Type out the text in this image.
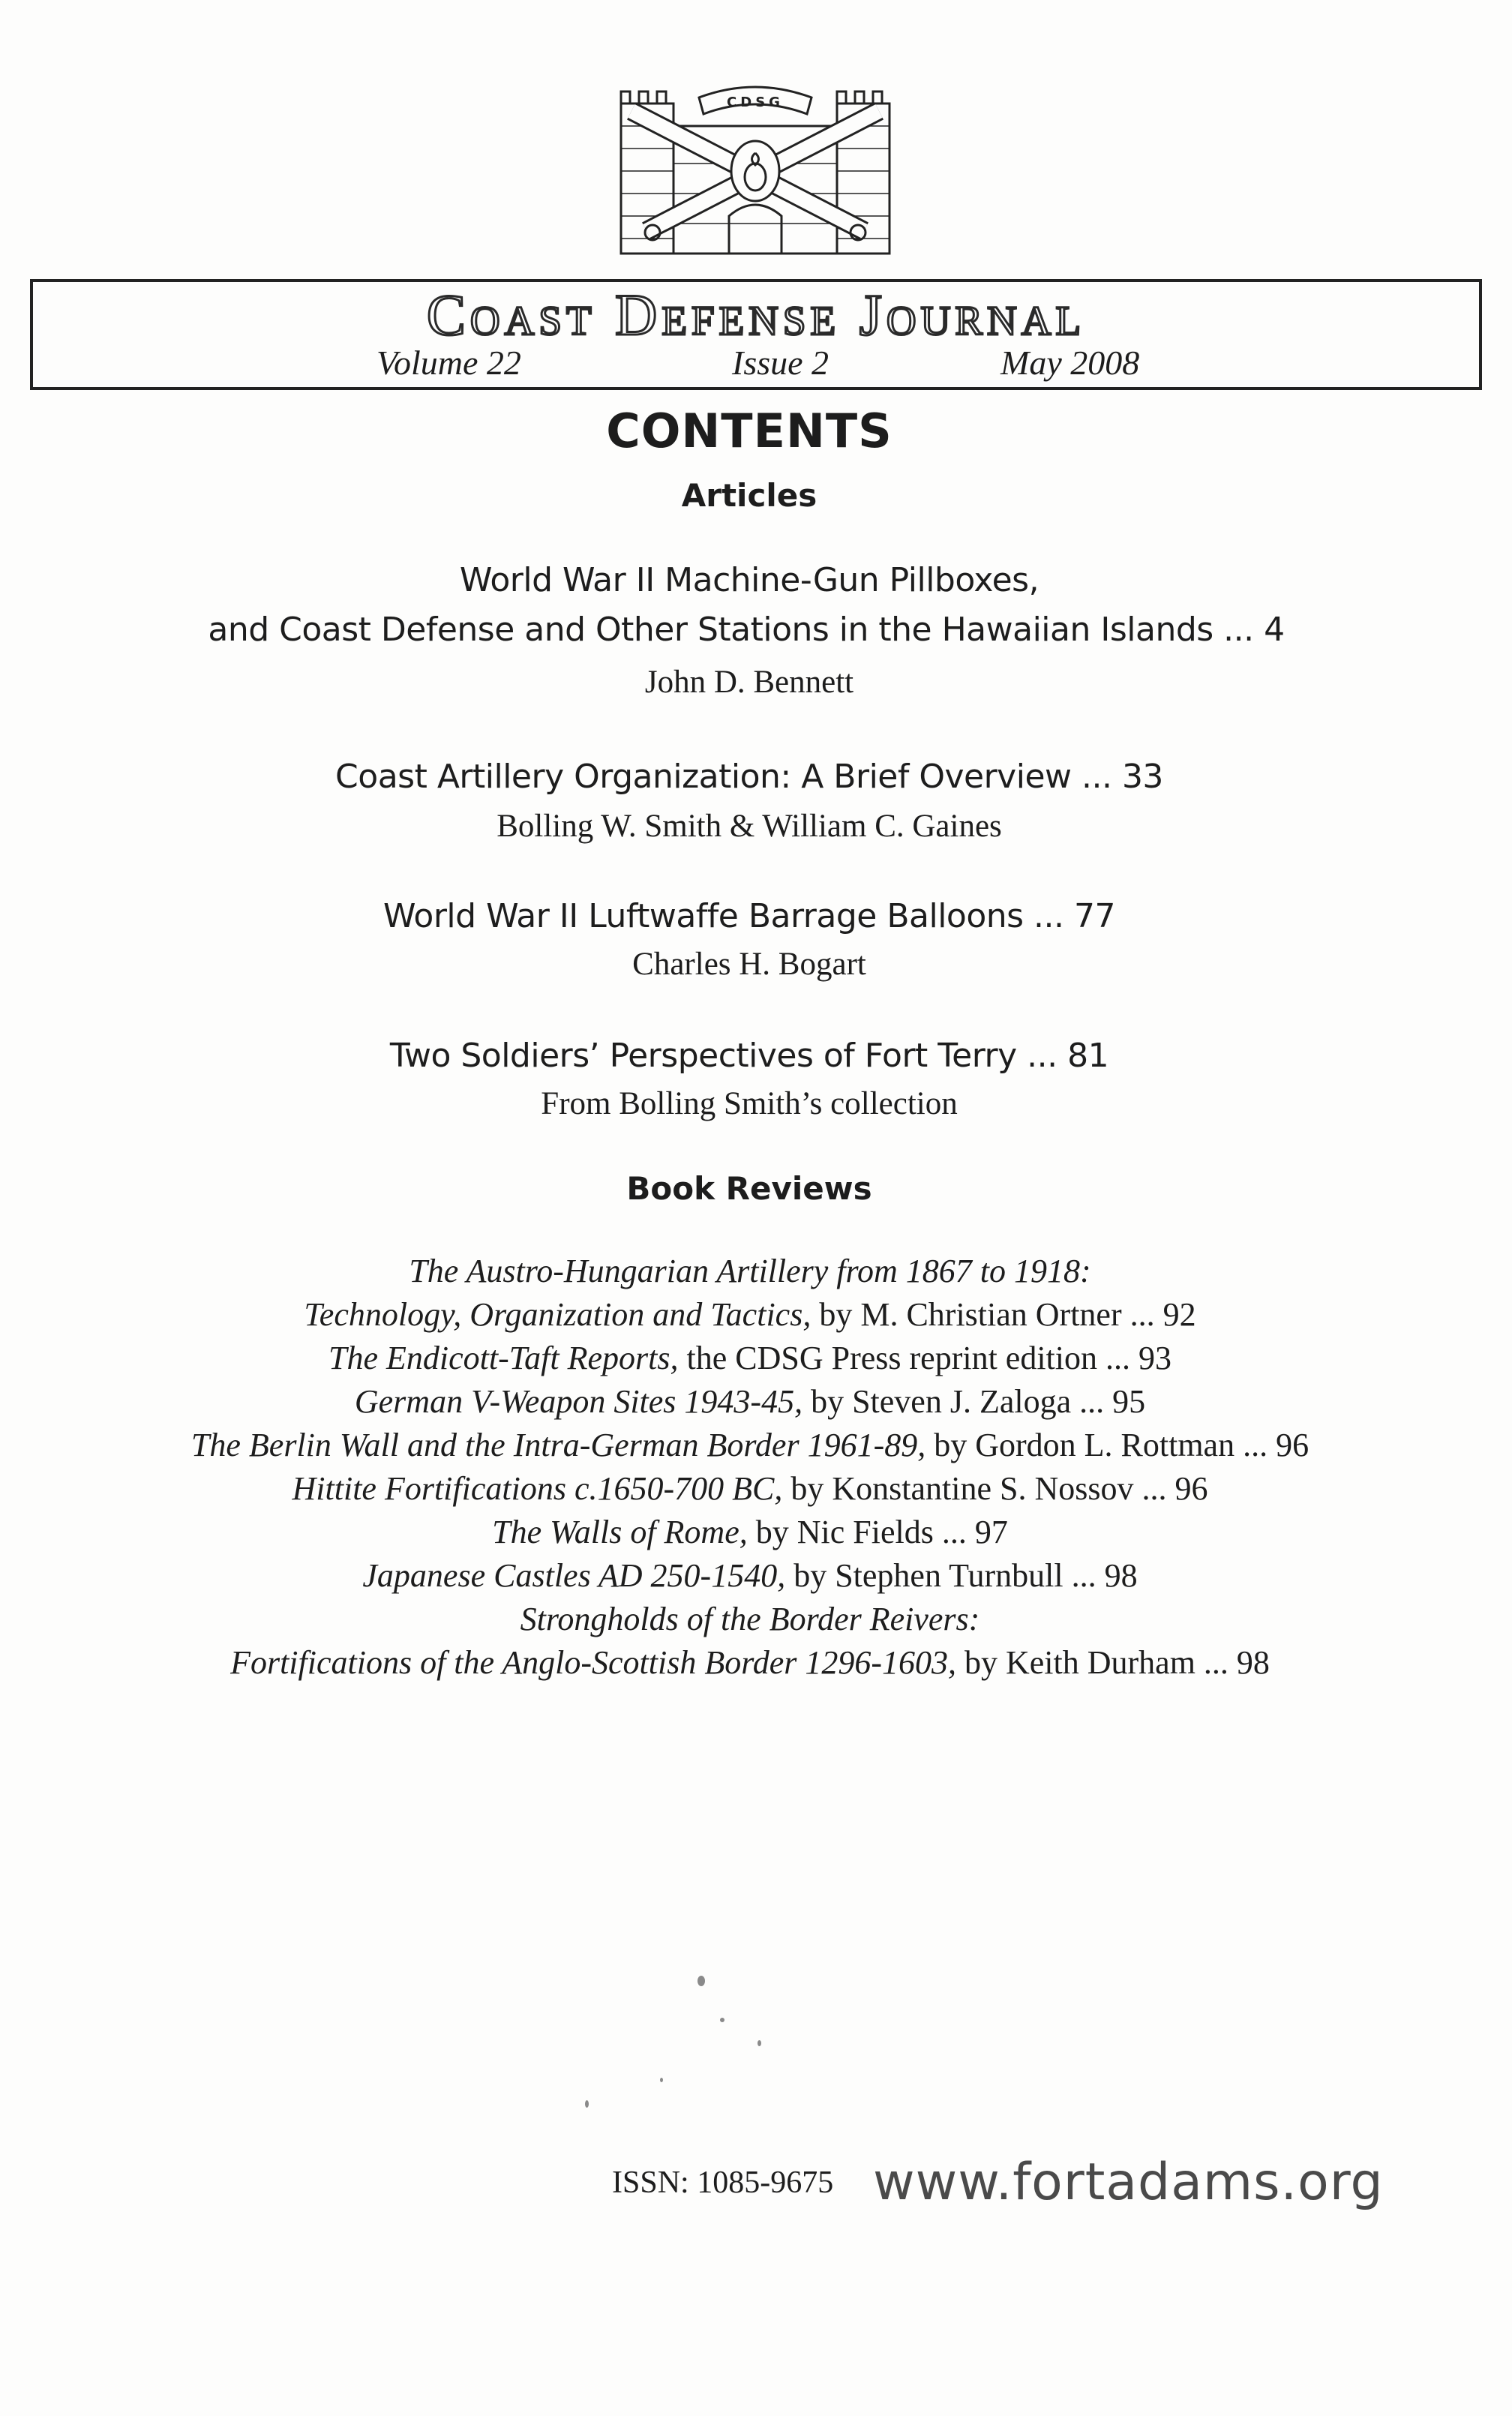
CDSG
Coast Defense Journal
Volume 22	Issue 2	May 2008
CONTENTS
Articles
World War II Machine-Gun Pillboxes,
and Coast Defense and Other Stations in the Hawaiian Islands ... 4
John D. Bennett
Coast Artillery Organization: A Brief Overview ... 33
Bolling W. Smith & William C. Gaines
World War II Luftwaffe Barrage Balloons ... 77
Charles H. Bogart
Two Soldiers’ Perspectives of Fort Terry ... 81
From Bolling Smith’s collection
Book Reviews
The Austro-Hungarian Artillery from 1867 to 1918:
Technology, Organization and Tactics, by M. Christian Ortner ... 92
The Endicott-Taft Reports, the CDSG Press reprint edition ... 93
German V-Weapon Sites 1943-45, by Steven J. Zaloga ... 95
The Berlin Wall and the Intra-German Border 1961-89, by Gordon L. Rottman ... 96
Hittite Fortifications c.1650-700 BC, by Konstantine S. Nossov ... 96
The Walls of Rome, by Nic Fields ... 97
Japanese Castles AD 250-1540, by Stephen Turnbull ... 98
Strongholds of the Border Reivers:
Fortifications of the Anglo-Scottish Border 1296-1603, by Keith Durham ... 98
ISSN: 1085-9675 www.fortadams.org
